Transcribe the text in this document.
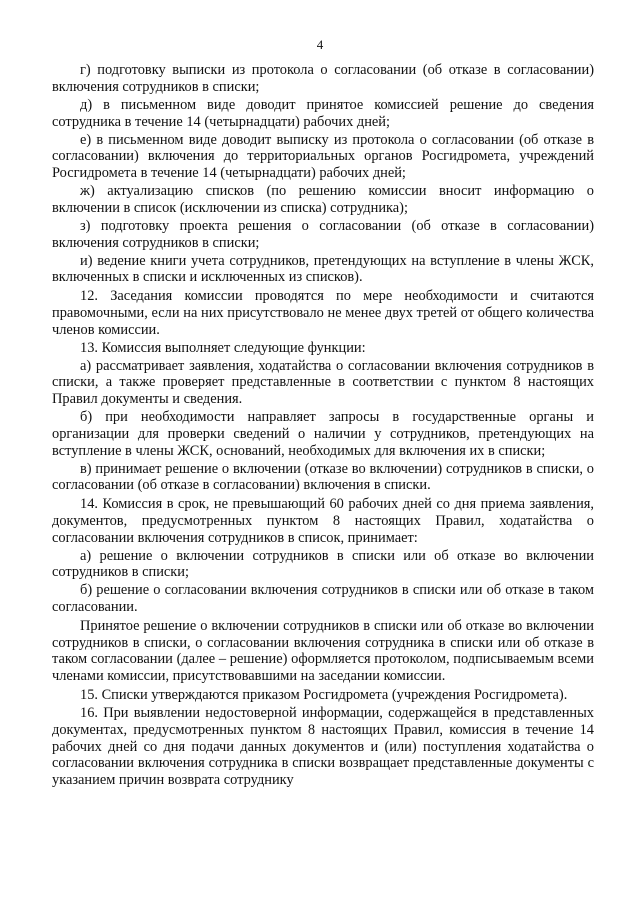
4

г) подготовку выписки из протокола о согласовании (об отказе в согласовании) включения сотрудников в списки;

д) в письменном виде доводит принятое комиссией решение до сведения сотрудника в течение 14 (четырнадцати) рабочих дней;

е) в письменном виде доводит выписку из протокола о согласовании (об отказе в согласовании) включения до территориальных органов Росгидромета, учреждений Росгидромета в течение 14 (четырнадцати) рабочих дней;

ж) актуализацию списков (по решению комиссии вносит информацию о включении в список (исключении из списка) сотрудника);

з) подготовку проекта решения о согласовании (об отказе в согласовании) включения сотрудников в списки;

и) ведение книги учета сотрудников, претендующих на вступление в члены ЖСК, включенных в списки и исключенных из списков).

12. Заседания комиссии проводятся по мере необходимости и считаются правомочными, если на них присутствовало не менее двух третей от общего количества членов комиссии.

13. Комиссия выполняет следующие функции:

а) рассматривает заявления, ходатайства о согласовании включения сотрудников в списки, а также проверяет представленные в соответствии с пунктом 8 настоящих Правил документы и сведения.

б) при необходимости направляет запросы в государственные органы и организации для проверки сведений о наличии у сотрудников, претендующих на вступление в члены ЖСК, оснований, необходимых для включения их в списки;

в) принимает решение о включении (отказе во включении) сотрудников в списки, о согласовании (об отказе в согласовании) включения в списки.

14. Комиссия в срок, не превышающий 60 рабочих дней со дня приема заявления, документов, предусмотренных пунктом 8 настоящих Правил, ходатайства о согласовании включения сотрудников в список, принимает:

а) решение о включении сотрудников в списки или об отказе во включении сотрудников в списки;

б) решение о согласовании включения сотрудников в списки или об отказе в таком согласовании.

Принятое решение о включении сотрудников в списки или об отказе во включении сотрудников в списки, о согласовании включения сотрудника в списки или об отказе в таком согласовании (далее – решение) оформляется протоколом, подписываемым всеми членами комиссии, присутствовавшими на заседании комиссии.

15. Списки утверждаются приказом Росгидромета (учреждения Росгидромета).

16. При выявлении недостоверной информации, содержащейся в представленных документах, предусмотренных пунктом 8 настоящих Правил, комиссия в течение 14 рабочих дней со дня подачи данных документов и (или) поступления ходатайства о согласовании включения сотрудника в списки возвращает представленные документы с указанием причин возврата сотруднику
